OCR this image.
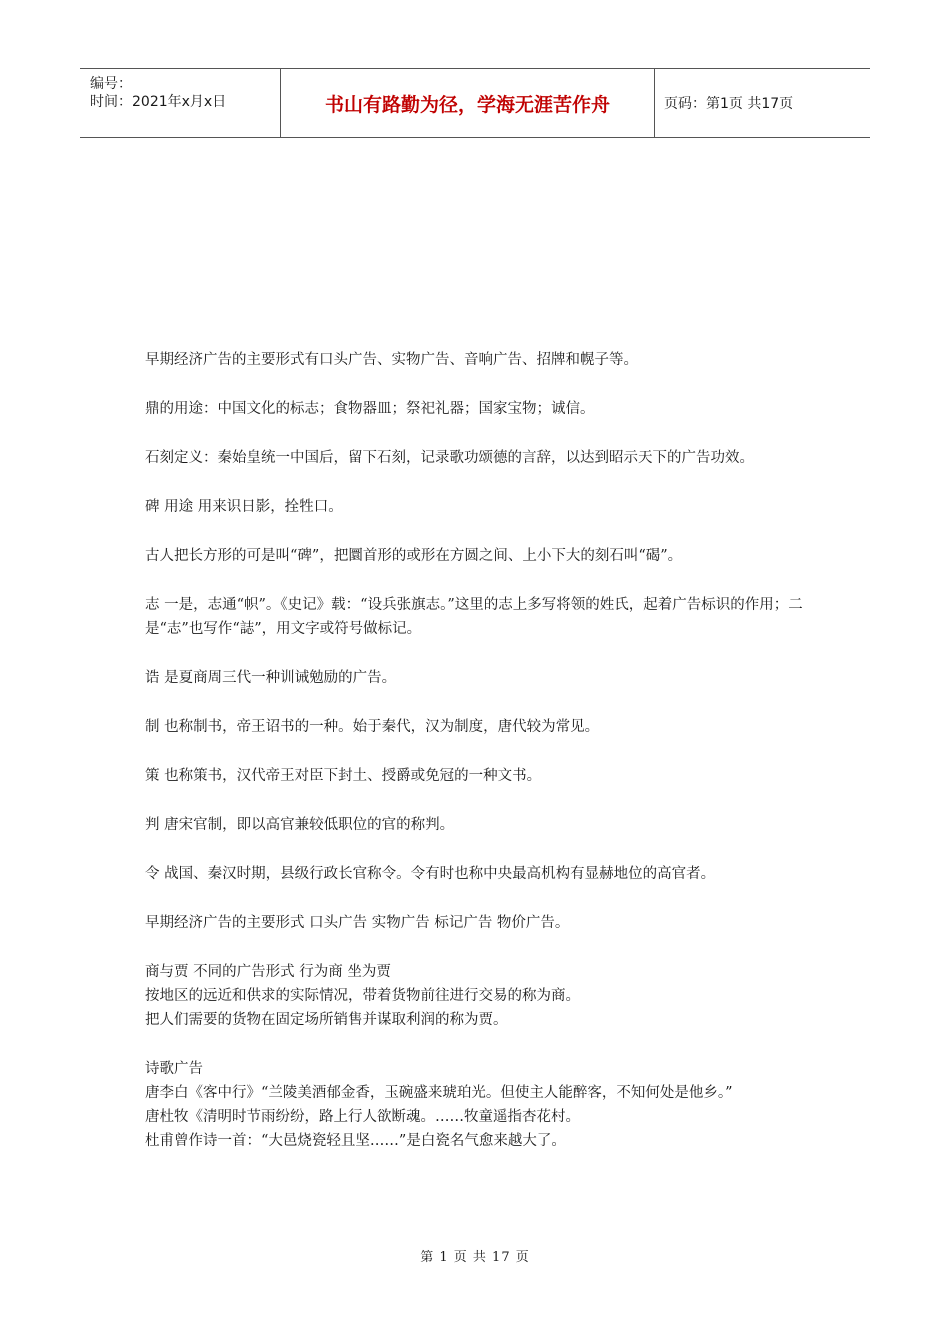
编号：
时间：2021年x月x日	书山有路勤为径，学海无涯苦作舟	页码：第1页 共17页

早期经济广告的主要形式有口头广告、实物广告、音响广告、招牌和幌子等。

鼎的用途：中国文化的标志；食物器皿；祭祀礼器；国家宝物；诚信。

石刻定义：秦始皇统一中国后，留下石刻，记录歌功颂德的言辞，以达到昭示天下的广告功效。

碑 用途 用来识日影，拴牲口。

古人把长方形的可是叫“碑”，把圜首形的或形在方圆之间、上小下大的刻石叫“碣”。

志 一是，志通“帜”。《史记》载：“设兵张旗志。”这里的志上多写将领的姓氏，起着广告标识的作用；二是“志”也写作“誌”，用文字或符号做标记。

诰 是夏商周三代一种训诫勉励的广告。

制 也称制书，帝王诏书的一种。始于秦代，汉为制度，唐代较为常见。

策 也称策书，汉代帝王对臣下封土、授爵或免冠的一种文书。

判 唐宋官制，即以高官兼较低职位的官的称判。

令 战国、秦汉时期，县级行政长官称令。令有时也称中央最高机构有显赫地位的高官者。

早期经济广告的主要形式 口头广告 实物广告 标记广告 物价广告。

商与贾 不同的广告形式 行为商 坐为贾

按地区的远近和供求的实际情况，带着货物前往进行交易的称为商。

把人们需要的货物在固定场所销售并谋取利润的称为贾。

诗歌广告

唐李白《客中行》“兰陵美酒郁金香，玉碗盛来琥珀光。但使主人能醉客，不知何处是他乡。”

唐杜牧《清明时节雨纷纷，路上行人欲断魂。……牧童遥指杏花村。

杜甫曾作诗一首：“大邑烧瓷轻且坚……”是白瓷名气愈来越大了。

第 1 页 共 17 页
